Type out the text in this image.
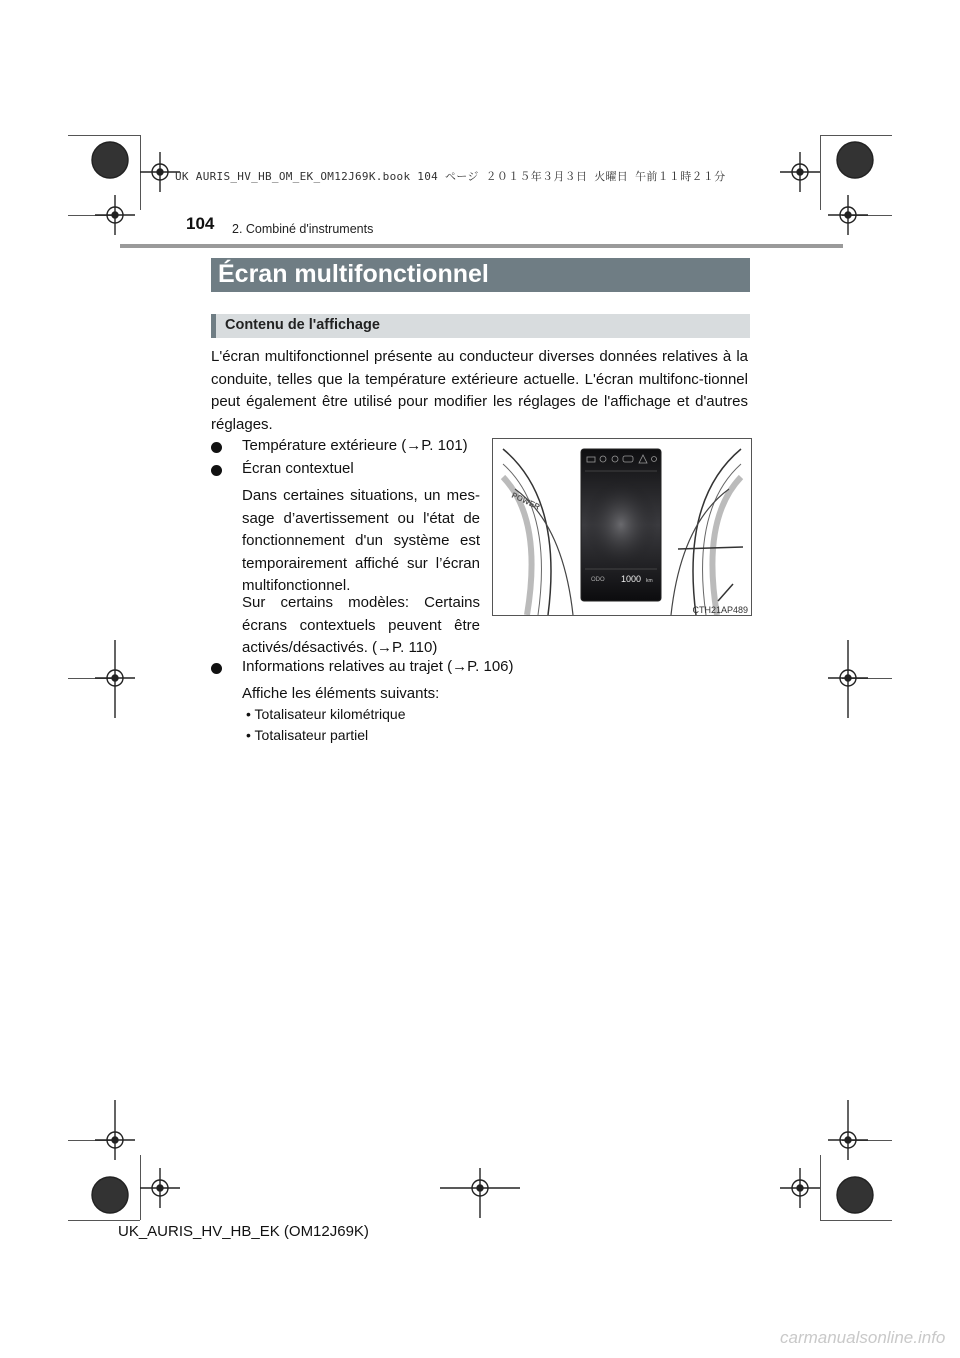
UK AURIS_HV_HB_OM_EK_OM12J69K.book 104 ページ ２０１５年３月３日 火曜日 午前１１時２１分
104 2. Combiné d'instruments
Écran multifonctionnel
Contenu de l'affichage
L'écran multifonctionnel présente au conducteur diverses données relatives à la conduite, telles que la température extérieure actuelle. L'écran multifonc-tionnel peut également être utilisé pour modifier les réglages de l'affichage et d'autres réglages.
Température extérieure (→P. 101)
Écran contextuel
Dans certaines situations, un mes-sage d’avertissement ou l'état de fonctionnement d'un système est temporairement affiché sur l’écran multifonctionnel.
Sur certains modèles: Certains écrans contextuels peuvent être activés/désactivés. (→P. 110)
Informations relatives au trajet (→P. 106)
Affiche les éléments suivants:
• Totalisateur kilométrique
• Totalisateur partiel
POWER
ODO 1000 km
CTH21AP489
UK_AURIS_HV_HB_EK (OM12J69K)
carmanualsonline.info
